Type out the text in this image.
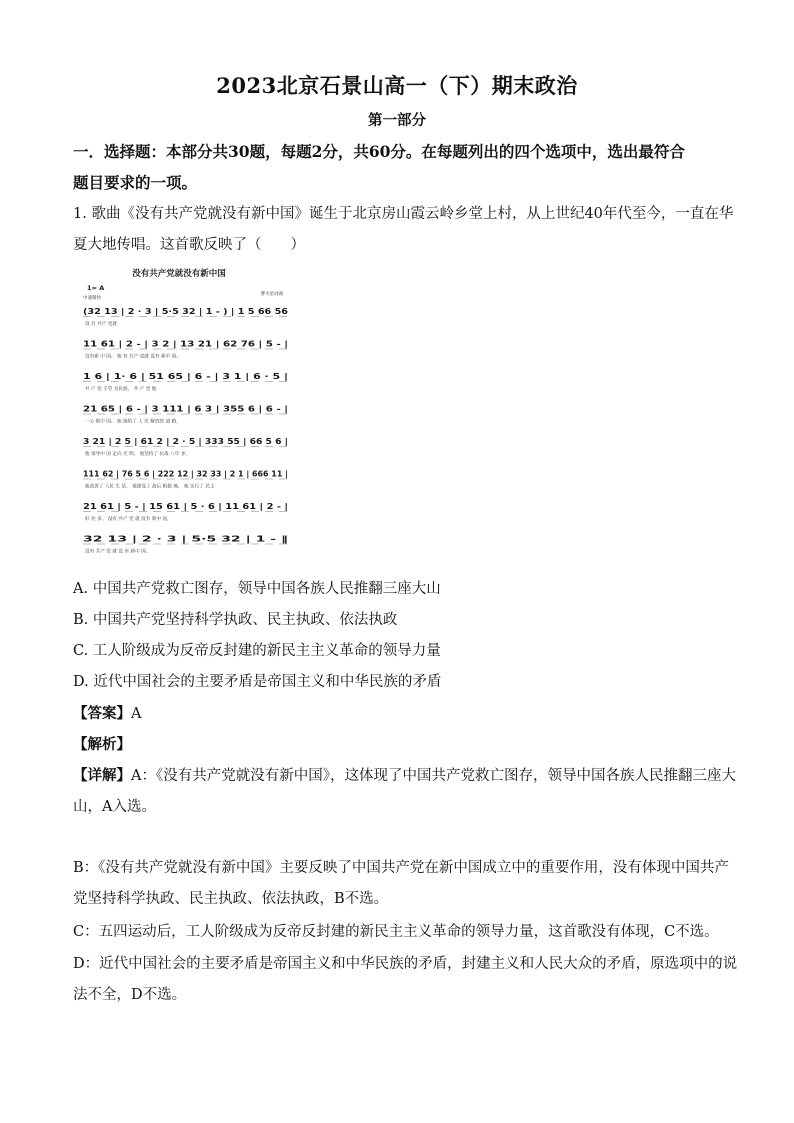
2023北京石景山高一（下）期末政治
第一部分
一．选择题：本部分共30题，每题2分，共60分。在每题列出的四个选项中，选出最符合
题目要求的一项。
1. 歌曲《没有共产党就没有新中国》诞生于北京房山霞云岭乡堂上村，从上世纪40年代至今，一直在华
夏大地传唱。这首歌反映了（　　）
没有共产党就没有新中国
1= A
中速稍快
曹火星词曲
(32 13 | 2 · 3 | 5·5 32 | 1 - ) | 1 5 66 56
没 有 共产 党就
11 61 | 2 - | 3 2 | 13 21 | 62 76 | 5 - |
没有新 中 国。 他 有 共产 党就 没有 新中 国。
1 6 | 1· 6 | 51 65 | 6 - | 3 1 | 6 · 5 |
共 产 党 辛劳 为民族， 共 产 党 他
21 65 | 6 - | 3 111 | 6 3 | 355 6 | 6 - |
一心 救中 国。 他 指给了 人 民 解放的 道 路，
3 21 | 2 5 | 61 2 | 2 · 5 | 333 55 | 66 5 6 |
他 领导中 国 走向 光 明。 他坚持了 抗战 八年 多，
111 62 | 76 5 6 | 222 12 | 32 33 | 2 1 | 666 11 |
他改善了 人民 生 活， 他建设了 敌后 根据 地， 他 实行了 民主
21 61 | 5 - | 15 61 | 5 · 6 | 11 61 | 2 - |
好 处 多。 没有 共产 党 就 没有 新中 国，
32 13 | 2 · 3 | 5·5 32 | 1 - ‖
没有 共产 党 就 没 有 新中 国。
A. 中国共产党救亡图存，领导中国各族人民推翻三座大山
B. 中国共产党坚持科学执政、民主执政、依法执政
C. 工人阶级成为反帝反封建的新民主主义革命的领导力量
D. 近代中国社会的主要矛盾是帝国主义和中华民族的矛盾
【答案】A
【解析】
【详解】A：《没有共产党就没有新中国》，这体现了中国共产党救亡图存，领导中国各族人民推翻三座大
山，A入选。
B：《没有共产党就没有新中国》主要反映了中国共产党在新中国成立中的重要作用，没有体现中国共产
党坚持科学执政、民主执政、依法执政，B不选。
C：五四运动后，工人阶级成为反帝反封建的新民主主义革命的领导力量，这首歌没有体现，C不选。
D：近代中国社会的主要矛盾是帝国主义和中华民族的矛盾，封建主义和人民大众的矛盾，原选项中的说
法不全，D不选。
